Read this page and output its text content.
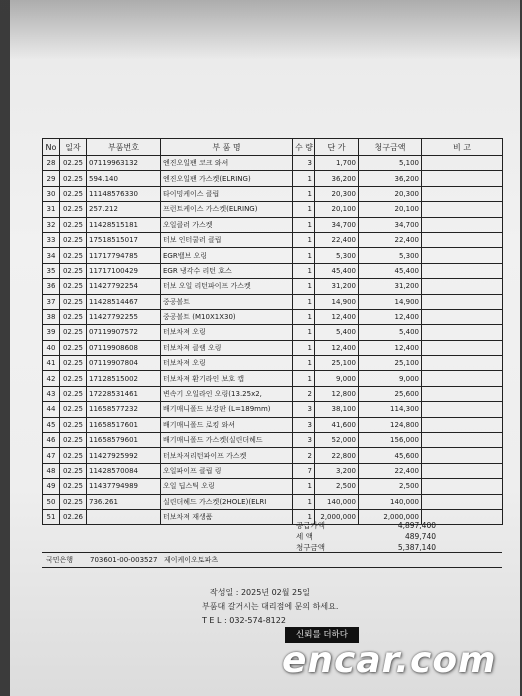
No	일자	부품번호	부 품 명	수 량	단 가	청구금액	비 고
28	02.25	07119963132	엔진오일팬 코크 와셔	3	1,700	5,100	
29	02.25	594.140	엔진오일팬 가스켓(ELRING)	1	36,200	36,200	
30	02.25	11148576330	타이밍케이스 클립	1	20,300	20,300	
31	02.25	257.212	프런트케이스 가스켓(ELRING)	1	20,100	20,100	
32	02.25	11428515181	오일클러 가스켓	1	34,700	34,700	
33	02.25	17518515017	터보 인터쿨러 클립	1	22,400	22,400	
34	02.25	11717794785	EGR밸브 오링	1	5,300	5,300	
35	02.25	11717100429	EGR 냉각수 리턴 호스	1	45,400	45,400	
36	02.25	11427792254	터보 오일 리턴파이프 가스켓	1	31,200	31,200	
37	02.25	11428514467	중공볼트	1	14,900	14,900	
38	02.25	11427792255	중공볼트 (M10X1X30)	1	12,400	12,400	
39	02.25	07119907572	터보차져 오링	1	5,400	5,400	
40	02.25	07119908608	터보차져 클램 오링	1	12,400	12,400	
41	02.25	07119907804	터보차져 오링	1	25,100	25,100	
42	02.25	17128515002	터보차져 환기라인 보호 캡	1	9,000	9,000	
43	02.25	17228531461	변속기 오일라인 오링(13.25x2,	2	12,800	25,600	
44	02.25	11658577232	배기매니폴드 보강판 (L=189mm)	3	38,100	114,300	
45	02.25	11658517601	배기매니폴드 로킹 와셔	3	41,600	124,800	
46	02.25	11658579601	배기매니폴드 가스켓(실린더헤드	3	52,000	156,000	
47	02.25	11427925992	터보차저리턴파이프 가스켓	2	22,800	45,600	
48	02.25	11428570084	오일파이프 클립 링	7	3,200	22,400	
49	02.25	11437794989	오일 딥스틱 오링	1	2,500	2,500	
50	02.25	736.261	실린더헤드 가스켓(2HOLE)(ELRI	1	140,000	140,000	
51	02.26		터보차져 재생품	1	2,000,000	2,000,000	
공급가액	4,897,400
세 액	489,740
청구금액	5,387,140
국민은행 703601-00-003527 제이케이오토파츠
작성일 : 2025년 02월 25일
부품대 갈거시는 대리점에 문의 하세요.
T E L : 032-574-8122
신뢰를 더하다
encar.com
